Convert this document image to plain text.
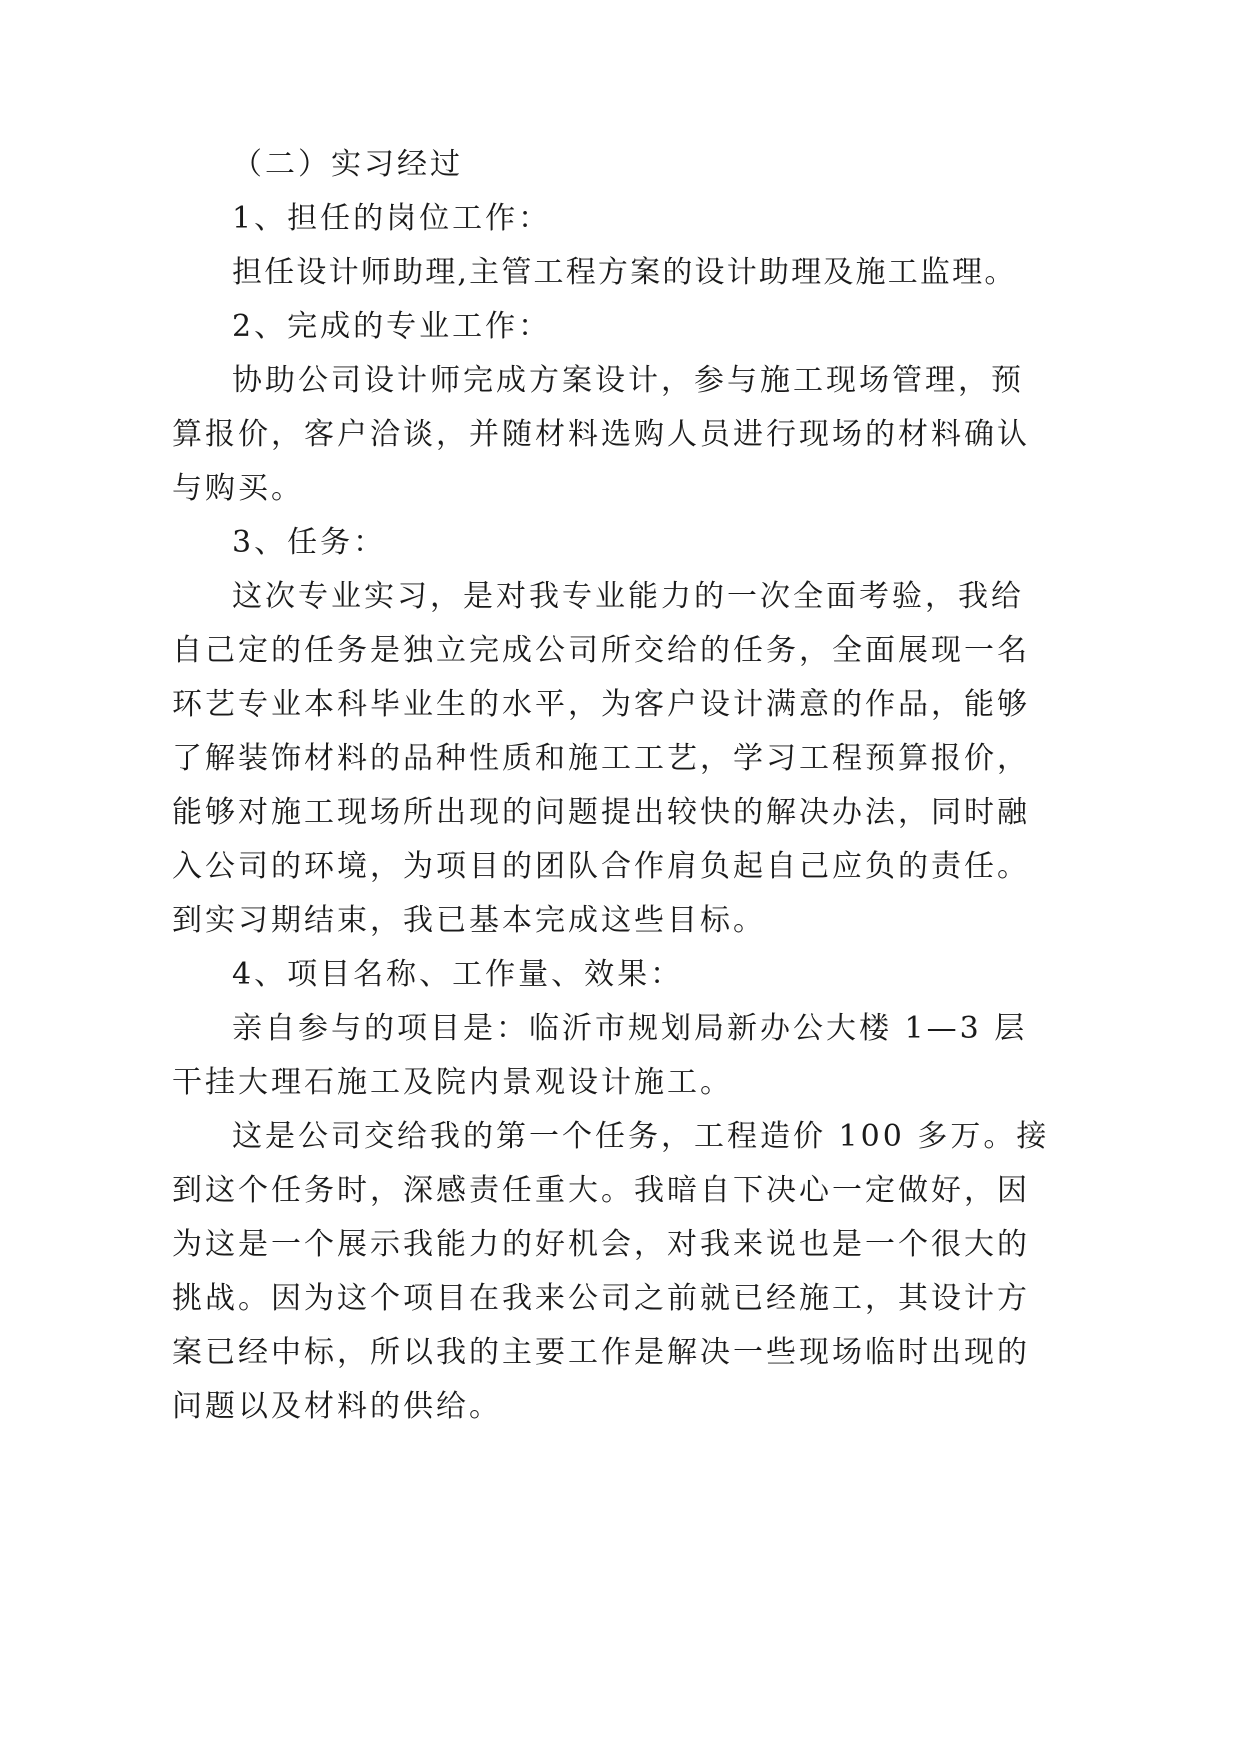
（二）实习经过
1、担任的岗位工作：
担任设计师助理,主管工程方案的设计助理及施工监理。
2、完成的专业工作：
协助公司设计师完成方案设计，参与施工现场管理，预
算报价，客户洽谈，并随材料选购人员进行现场的材料确认
与购买。
3、任务：
这次专业实习，是对我专业能力的一次全面考验，我给
自己定的任务是独立完成公司所交给的任务，全面展现一名
环艺专业本科毕业生的水平，为客户设计满意的作品，能够
了解装饰材料的品种性质和施工工艺，学习工程预算报价，
能够对施工现场所出现的问题提出较快的解决办法，同时融
入公司的环境，为项目的团队合作肩负起自己应负的责任。
到实习期结束，我已基本完成这些目标。
4、项目名称、工作量、效果：
亲自参与的项目是：临沂市规划局新办公大楼 1—3 层
干挂大理石施工及院内景观设计施工。
这是公司交给我的第一个任务，工程造价 100 多万。接
到这个任务时，深感责任重大。我暗自下决心一定做好，因
为这是一个展示我能力的好机会，对我来说也是一个很大的
挑战。因为这个项目在我来公司之前就已经施工，其设计方
案已经中标，所以我的主要工作是解决一些现场临时出现的
问题以及材料的供给。
